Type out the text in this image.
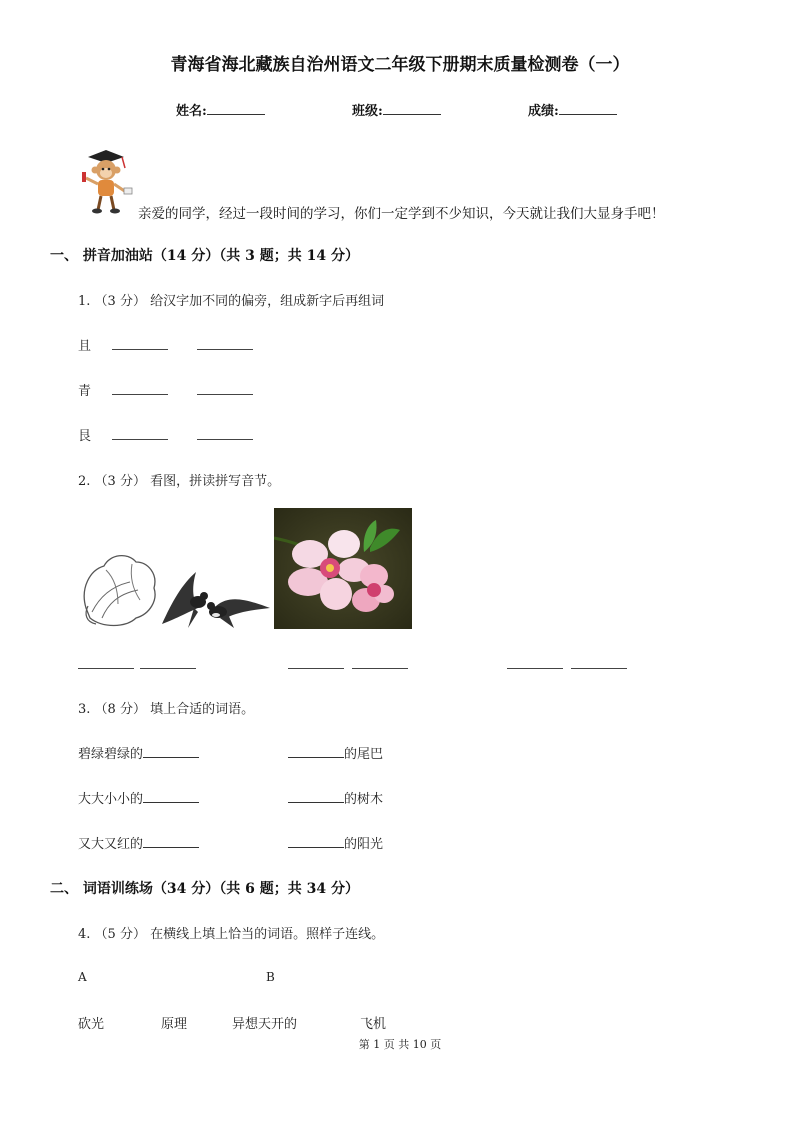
青海省海北藏族自治州语文二年级下册期末质量检测卷（一）
姓名:	班级:	成绩:
亲爱的同学，经过一段时间的学习，你们一定学到不少知识，今天就让我们大显身手吧！
一、 拼音加油站（14 分）（共 3 题；共 14 分）
1. （3 分） 给汉字加不同的偏旁，组成新字后再组词
且
青
艮
2. （3 分） 看图，拼读拼写音节。
3. （8 分） 填上合适的词语。
碧绿碧绿的	的尾巴
大大小小的	的树木
又大又红的	的阳光
二、 词语训练场（34 分）（共 6 题；共 34 分）
4. （5 分） 在横线上填上恰当的词语。照样子连线。
A	B
砍光	原理	异想天开的	飞机
第 1 页 共 10 页
